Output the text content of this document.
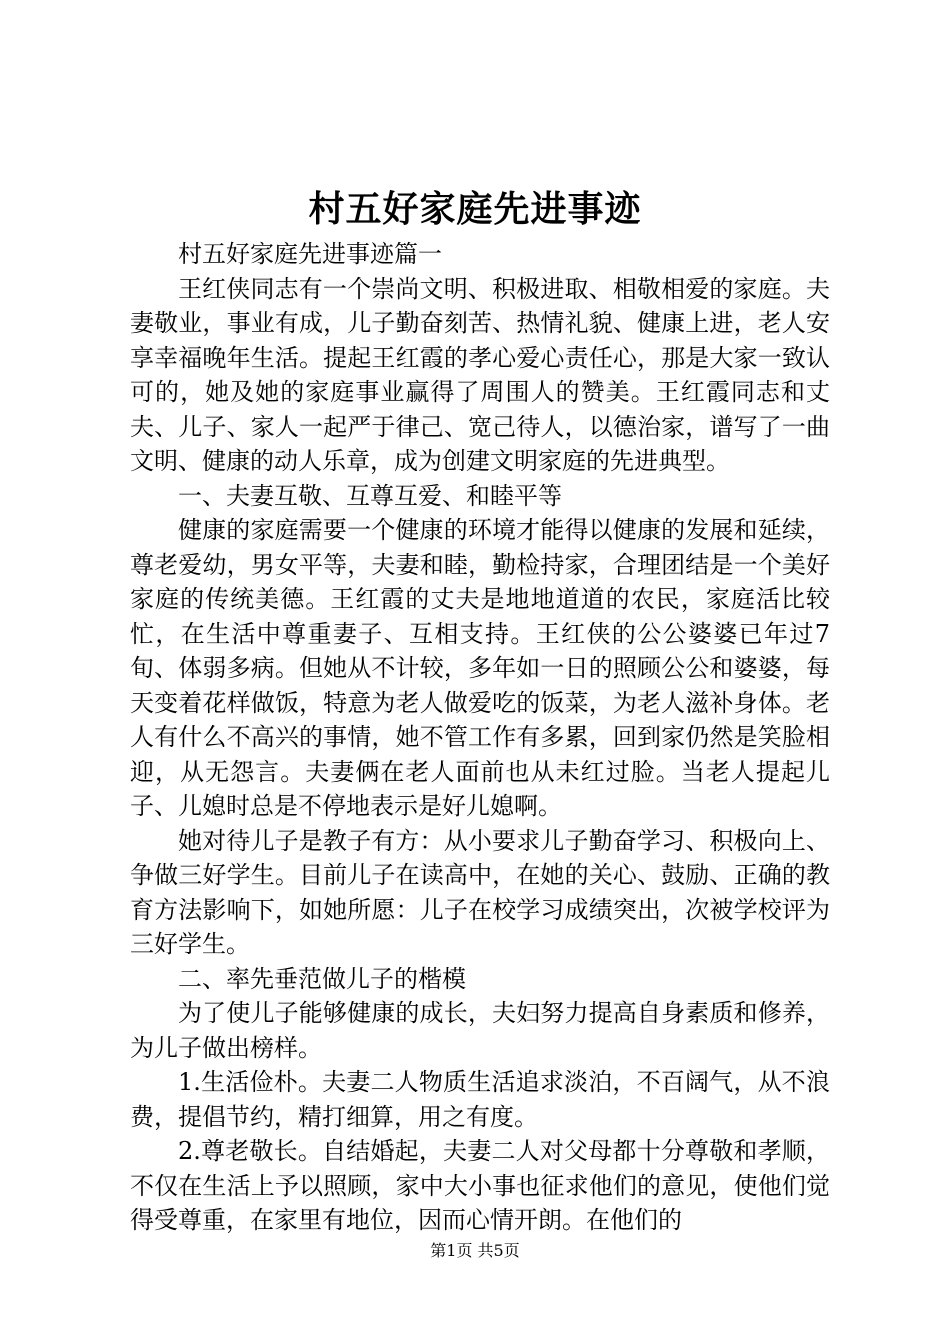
村五好家庭先进事迹

村五好家庭先进事迹篇一

王红侠同志有一个崇尚文明、积极进取、相敬相爱的家庭。夫妻敬业，事业有成，儿子勤奋刻苦、热情礼貌、健康上进，老人安享幸福晚年生活。提起王红霞的孝心爱心责任心，那是大家一致认可的，她及她的家庭事业赢得了周围人的赞美。王红霞同志和丈夫、儿子、家人一起严于律己、宽己待人，以德治家，谱写了一曲文明、健康的动人乐章，成为创建文明家庭的先进典型。

一、夫妻互敬、互尊互爱、和睦平等

健康的家庭需要一个健康的环境才能得以健康的发展和延续，尊老爱幼，男女平等，夫妻和睦，勤检持家，合理团结是一个美好家庭的传统美德。王红霞的丈夫是地地道道的农民，家庭活比较忙，在生活中尊重妻子、互相支持。王红侠的公公婆婆已年过7旬、体弱多病。但她从不计较，多年如一日的照顾公公和婆婆，每天变着花样做饭，特意为老人做爱吃的饭菜，为老人滋补身体。老人有什么不高兴的事情，她不管工作有多累，回到家仍然是笑脸相迎，从无怨言。夫妻俩在老人面前也从未红过脸。当老人提起儿子、儿媳时总是不停地表示是好儿媳啊。

她对待儿子是教子有方：从小要求儿子勤奋学习、积极向上、争做三好学生。目前儿子在读高中，在她的关心、鼓励、正确的教育方法影响下，如她所愿：儿子在校学习成绩突出，次被学校评为三好学生。

二、率先垂范做儿子的楷模

为了使儿子能够健康的成长，夫妇努力提高自身素质和修养，为儿子做出榜样。

1.生活俭朴。夫妻二人物质生活追求淡泊，不百阔气，从不浪费，提倡节约，精打细算，用之有度。

2.尊老敬长。自结婚起，夫妻二人对父母都十分尊敬和孝顺，不仅在生活上予以照顾，家中大小事也征求他们的意见，使他们觉得受尊重，在家里有地位，因而心情开朗。在他们的

第1页 共5页
